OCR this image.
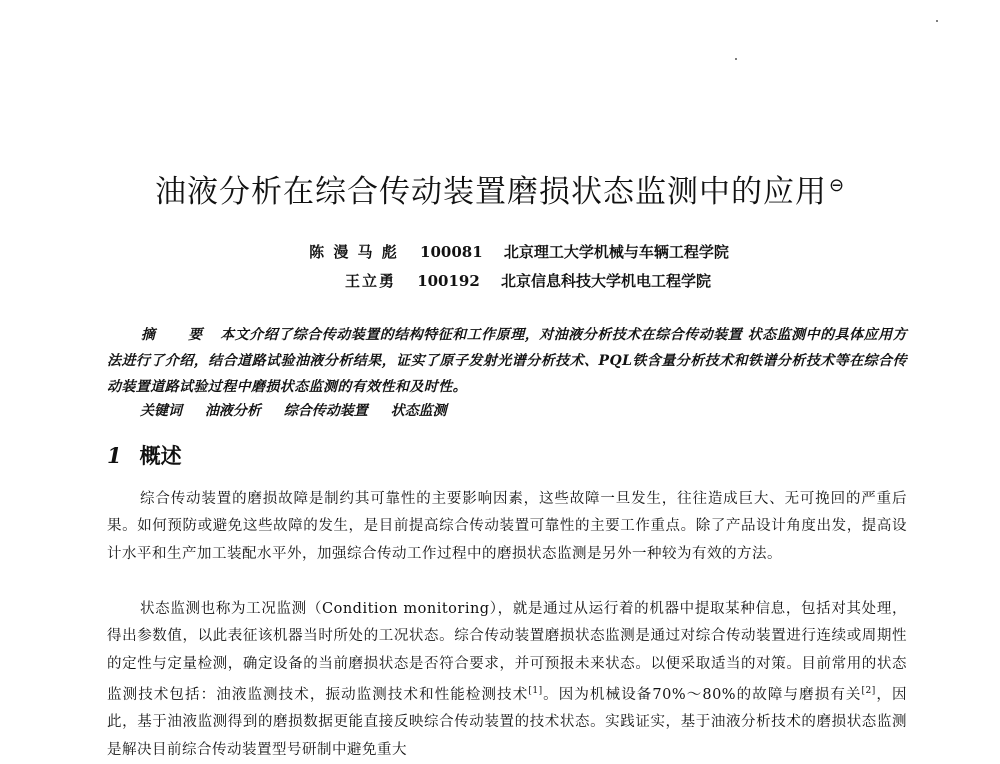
油液分析在综合传动装置磨损状态监测中的应用 ⊖
陈 漫 马 彪 100081 北京理工大学机械与车辆工程学院
王立勇 100192 北京信息科技大学机电工程学院
摘 要 本文介绍了综合传动装置的结构特征和工作原理，对油液分析技术在综合传动装置 状态监测中的具体应用方法进行了介绍，结合道路试验油液分析结果，证实了原子发射光谱分析技术、PQL铁含量分析技术和铁谱分析技术等在综合传动装置道路试验过程中磨损状态监测的有效性和及时性。
关键词 油液分析 综合传动装置 状态监测
1 概述

综合传动装置的磨损故障是制约其可靠性的主要影响因素，这些故障一旦发生，往往造成巨大、无可挽回的严重后果。如何预防或避免这些故障的发生，是目前提高综合传动装置可靠性的主要工作重点。除了产品设计角度出发，提高设计水平和生产加工装配水平外，加强综合传动工作过程中的磨损状态监测是另外一种较为有效的方法。

状态监测也称为工况监测（Condition monitoring），就是通过从运行着的机器中提取某种信息，包括对其处理，得出参数值，以此表征该机器当时所处的工况状态。综合传动装置磨损状态监测是通过对综合传动装置进行连续或周期性的定性与定量检测，确定设备的当前磨损状态是否符合要求，并可预报未来状态。以便采取适当的对策。目前常用的状态监测技术包括：油液监测技术，振动监测技术和性能检测技术[1]。因为机械设备70%～80%的故障与磨损有关[2]，因此，基于油液监测得到的磨损数据更能直接反映综合传动装置的技术状态。实践证实，基于油液分析技术的磨损状态监测是解决目前综合传动装置型号研制中避免重大
